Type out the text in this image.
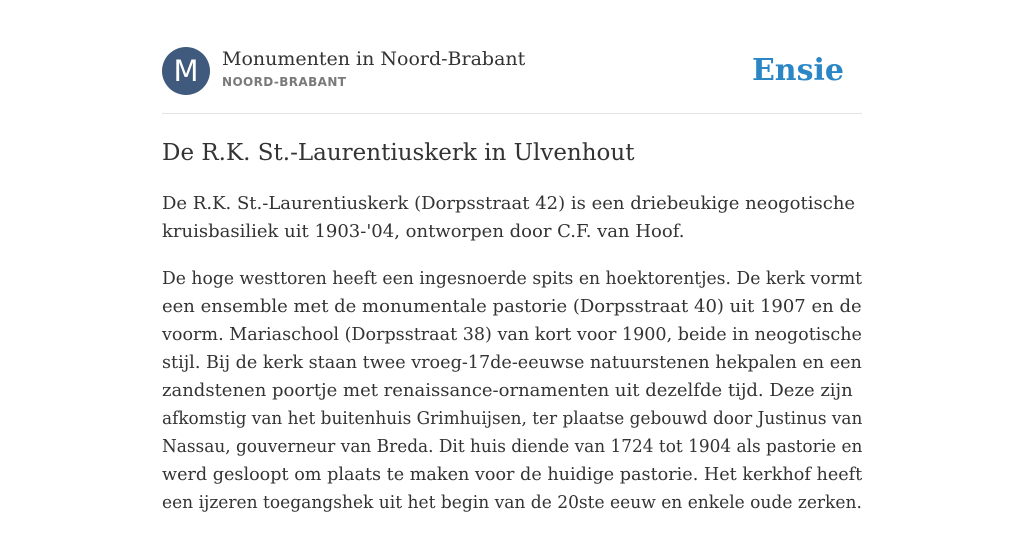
M	Monumenten in Noord-Brabant
NOORD-BRABANT	Ensie
De R.K. St.-Laurentiuskerk in Ulvenhout

De R.K. St.-Laurentiuskerk (Dorpsstraat 42) is een driebeukige neogotische
kruisbasiliek uit 1903-'04, ontworpen door C.F. van Hoof.

De hoge westtoren heeft een ingesnoerde spits en hoektorentjes. De kerk vormt
een ensemble met de monumentale pastorie (Dorpsstraat 40) uit 1907 en de
voorm. Mariaschool (Dorpsstraat 38) van kort voor 1900, beide in neogotische
stijl. Bij de kerk staan twee vroeg-17de-eeuwse natuurstenen hekpalen en een
zandstenen poortje met renaissance-ornamenten uit dezelfde tijd. Deze zijn
afkomstig van het buitenhuis Grimhuijsen, ter plaatse gebouwd door Justinus van
Nassau, gouverneur van Breda. Dit huis diende van 1724 tot 1904 als pastorie en
werd gesloopt om plaats te maken voor de huidige pastorie. Het kerkhof heeft
een ijzeren toegangshek uit het begin van de 20ste eeuw en enkele oude zerken.
